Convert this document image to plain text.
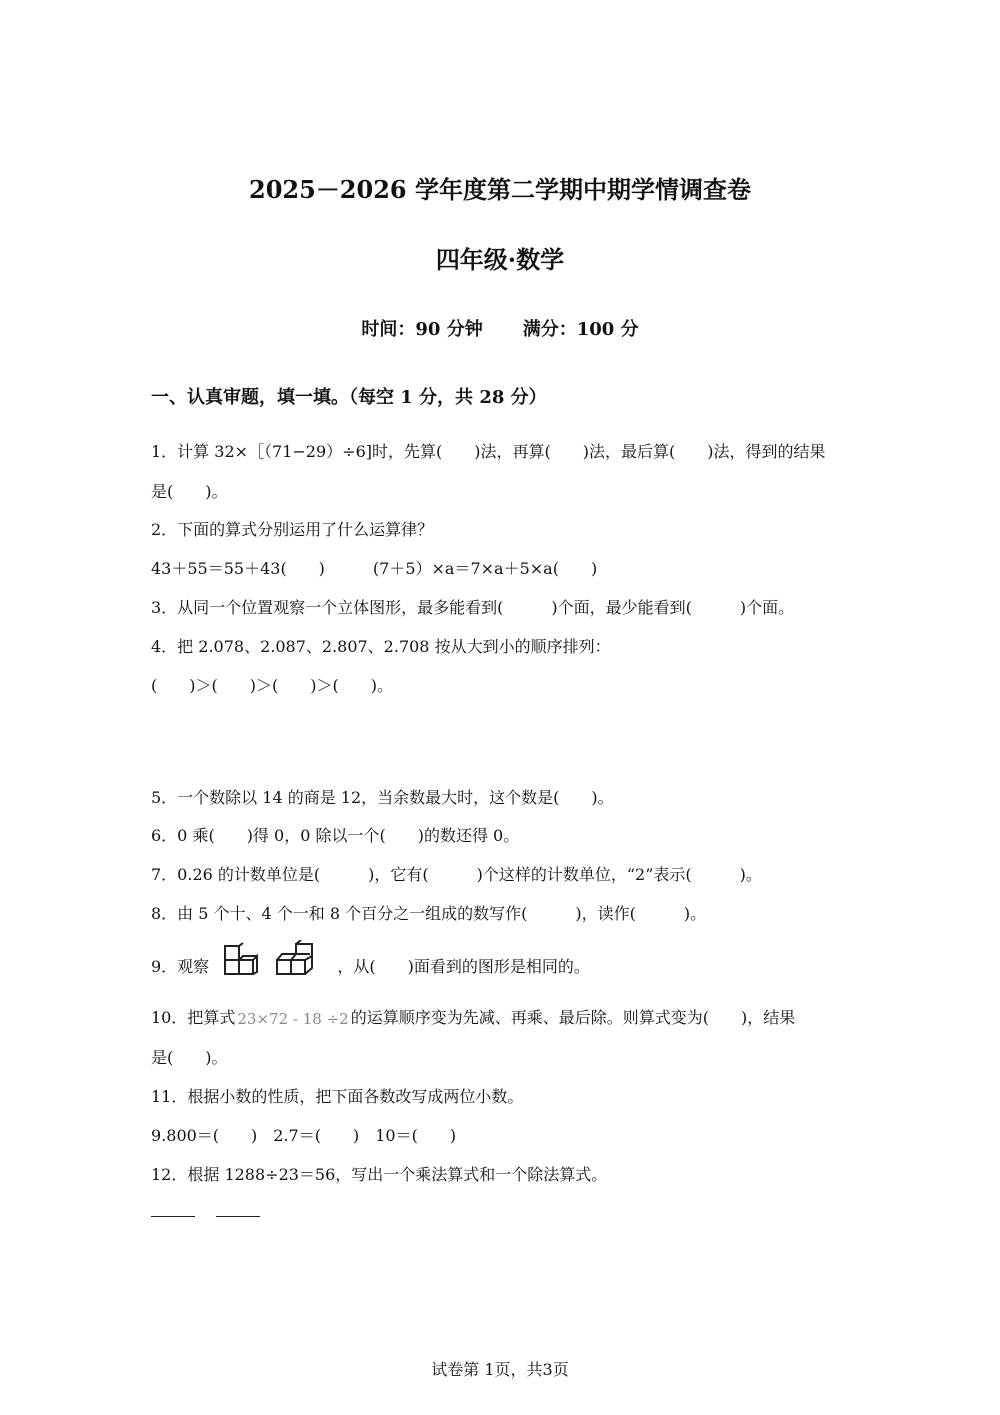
2025－2026 学年度第二学期中期学情调查卷
四年级·数学
时间：90 分钟 满分：100 分
一、认真审题，填一填。（每空 1 分，共 28 分）
1．计算 32×［（71−29）÷6]时，先算(　　)法，再算(　　)法，最后算(　　)法，得到的结果
是(　　)。
2．下面的算式分别运用了什么运算律？
43＋55＝55＋43(　　)　　　(7＋5）×a＝7×a＋5×a(　　)
3．从同一个位置观察一个立体图形，最多能看到(　　　)个面，最少能看到(　　　)个面。
4．把 2.078、2.087、2.807、2.708 按从大到小的顺序排列：
(　　)＞(　　)＞(　　)＞(　　)。
5．一个数除以 14 的商是 12，当余数最大时，这个数是(　　)。
6．0 乘(　　)得 0，0 除以一个(　　)的数还得 0。
7．0.26 的计数单位是(　　　)，它有(　　　)个这样的计数单位，“2”表示(　　　)。
8．由 5 个十、4 个一和 8 个百分之一组成的数写作(　　　)，读作(　　　)。
9．观察	，从(　　)面看到的图形是相同的。
10．把算式 23×72 - 18 ÷2 的运算顺序变为先减、再乘、最后除。则算式变为(　　)，结果
是(　　)。
11．根据小数的性质，把下面各数改写成两位小数。
9.800＝(　　)　2.7＝(　　)　10＝(　　)
12．根据 1288÷23＝56，写出一个乘法算式和一个除法算式。
试卷第 1页，共3页
